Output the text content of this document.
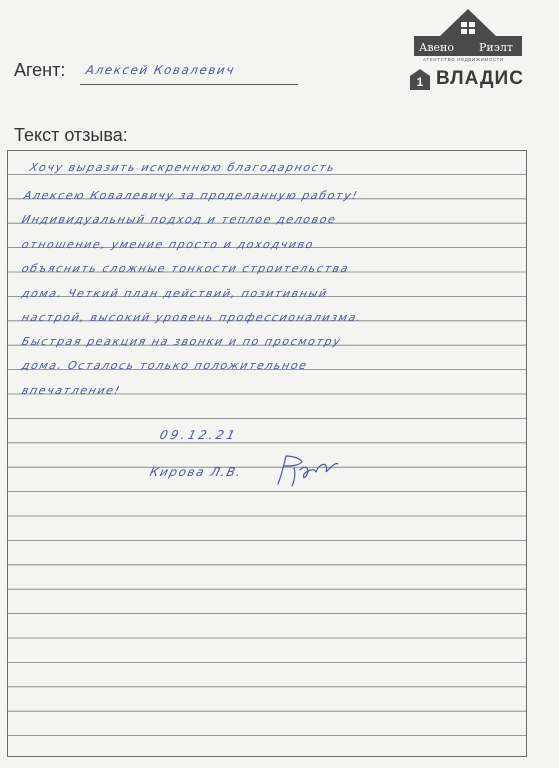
Авено Риэлт
АГЕНТСТВО НЕДВИЖИМОСТИ
1 ВЛАДИС
Агент: Алексей Ковалевич
Текст отзыва:
Хочу выразить искреннюю благодарность
Алексею Ковалевичу за проделанную работу!
Индивидуальный подход и теплое деловое
отношение, умение просто и доходчиво
объяснить сложные тонкости строительства
дома. Четкий план действий, позитивный
настрой, высокий уровень профессионализма.
Быстрая реакция на звонки и по просмотру
дома. Осталось только положительное
впечатление!
09.12.21
Кирова Л.В.
